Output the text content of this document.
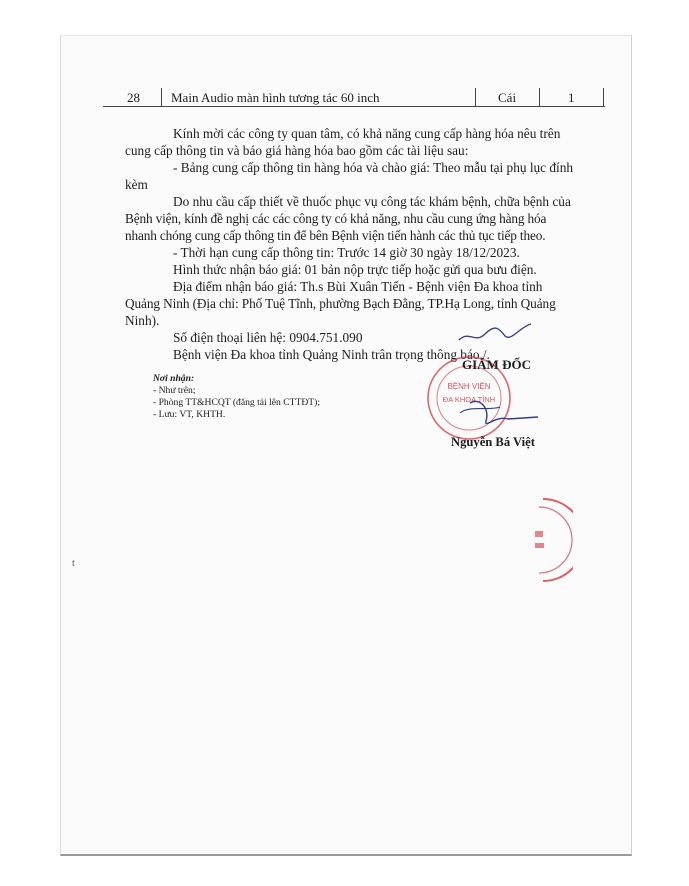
28 Main Audio màn hình tương tác 60 inch	Cái	1
Kính mời các công ty quan tâm, có khả năng cung cấp hàng hóa nêu trên
cung cấp thông tin và báo giá hàng hóa bao gồm các tài liệu sau:
- Bảng cung cấp thông tin hàng hóa và chào giá: Theo mẫu tại phụ lục đính
kèm
Do nhu cầu cấp thiết về thuốc phục vụ công tác khám bệnh, chữa bệnh của
Bệnh viện, kính đề nghị các các công ty có khả năng, nhu cầu cung ứng hàng hóa
nhanh chóng cung cấp thông tin để bên Bệnh viện tiến hành các thủ tục tiếp theo.
- Thời hạn cung cấp thông tin: Trước 14 giờ 30 ngày 18/12/2023.
Hình thức nhận báo giá: 01 bản nộp trực tiếp hoặc gửi qua bưu điện.
Địa điểm nhận báo giá: Th.s Bùi Xuân Tiến - Bệnh viện Đa khoa tỉnh
Quảng Ninh (Địa chỉ: Phố Tuệ Tĩnh, phường Bạch Đằng, TP.Hạ Long, tỉnh Quảng
Ninh).
Số điện thoại liên hệ: 0904.751.090
Bệnh viện Đa khoa tỉnh Quảng Ninh trân trọng thông báo./.
Nơi nhận:
- Như trên;
- Phòng TT&HCQT (đăng tải lên CTTĐT);
- Lưu: VT, KHTH.
BỆNH VIỆN
ĐA KHOA TỈNH
GIÁM ĐỐC
Nguyễn Bá Việt
t
